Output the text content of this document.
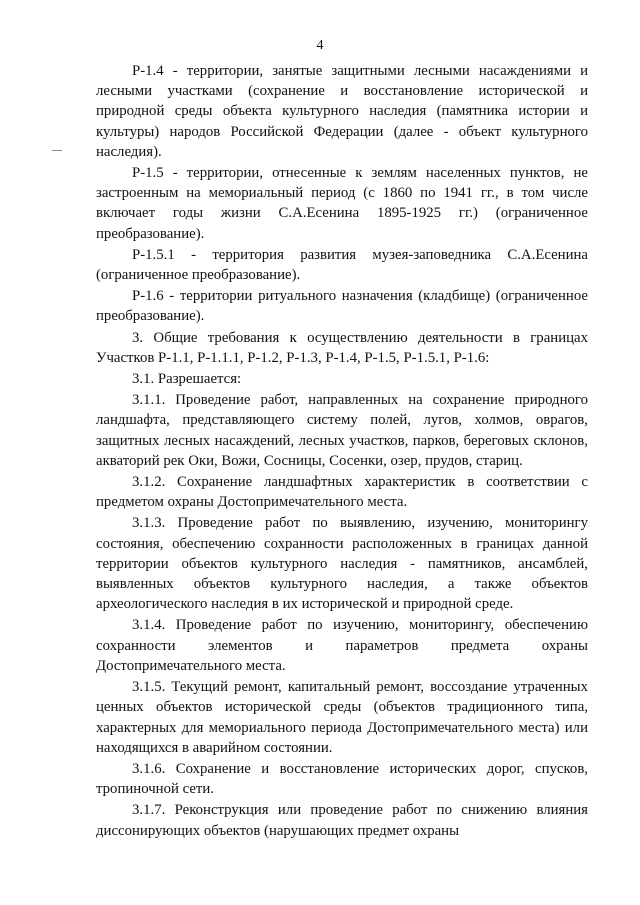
4

Р-1.4 - территории, занятые защитными лесными насаждениями и лесными участками (сохранение и восстановление исторической и природной среды объекта культурного наследия (памятника истории и культуры) народов Российской Федерации (далее - объект культурного наследия).

Р-1.5 - территории, отнесенные к землям населенных пунктов, не застроенным на мемориальный период (с 1860 по 1941 гг., в том числе включает годы жизни С.А.Есенина 1895-1925 гг.) (ограниченное преобразование).

Р-1.5.1 - территория развития музея-заповедника С.А.Есенина (ограниченное преобразование).

Р-1.6 - территории ритуального назначения (кладбище) (ограниченное преобразование).

3. Общие требования к осуществлению деятельности в границах Участков Р-1.1, Р-1.1.1, Р-1.2, Р-1.3, Р-1.4, Р-1.5, Р-1.5.1, Р-1.6:

3.1. Разрешается:

3.1.1. Проведение работ, направленных на сохранение природного ландшафта, представляющего систему полей, лугов, холмов, оврагов, защитных лесных насаждений, лесных участков, парков, береговых склонов, акваторий рек Оки, Вожи, Сосницы, Сосенки, озер, прудов, стариц.

3.1.2. Сохранение ландшафтных характеристик в соответствии с предметом охраны Достопримечательного места.

3.1.3. Проведение работ по выявлению, изучению, мониторингу состояния, обеспечению сохранности расположенных в границах данной территории объектов культурного наследия - памятников, ансамблей, выявленных объектов культурного наследия, а также объектов археологического наследия в их исторической и природной среде.

3.1.4. Проведение работ по изучению, мониторингу, обеспечению сохранности элементов и параметров предмета охраны Достопримечательного места.

3.1.5. Текущий ремонт, капитальный ремонт, воссоздание утраченных ценных объектов исторической среды (объектов традиционного типа, характерных для мемориального периода Достопримечательного места) или находящихся в аварийном состоянии.

3.1.6. Сохранение и восстановление исторических дорог, спусков, тропиночной сети.

3.1.7. Реконструкция или проведение работ по снижению влияния диссонирующих объектов (нарушающих предмет охраны
